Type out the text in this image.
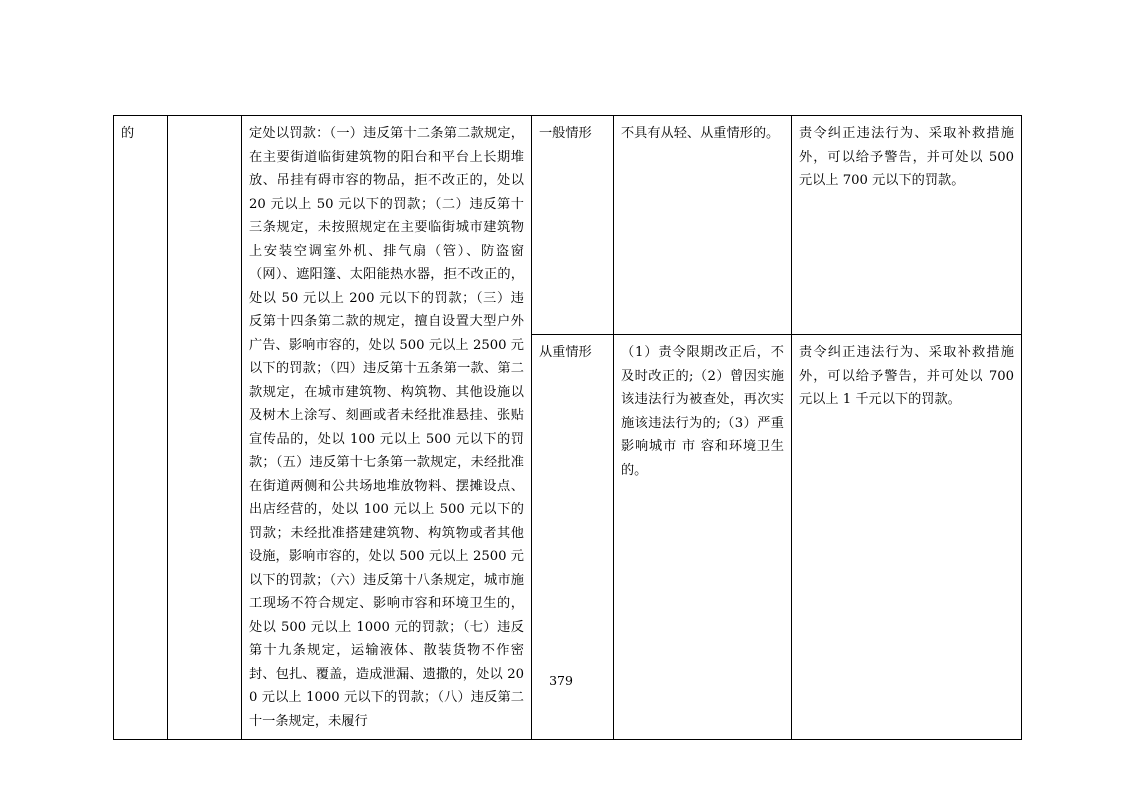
的		定处以罚款：（一）违反第十二条第二款规定，在主要街道临街建筑物的阳台和平台上长期堆放、吊挂有碍市容的物品，拒不改正的，处以 20 元以上 50 元以下的罚款；（二）违反第十三条规定，未按照规定在主要临街城市建筑物上安装空调室外机、排气扇（管）、防盗窗（网）、遮阳篷、太阳能热水器，拒不改正的，处以 50 元以上 200 元以下的罚款；（三）违反第十四条第二款的规定，擅自设置大型户外广告、影响市容的，处以 500 元以上 2500 元以下的罚款；（四）违反第十五条第一款、第二款规定，在城市建筑物、构筑物、其他设施以及树木上涂写、刻画或者未经批准悬挂、张贴宣传品的，处以 100 元以上 500 元以下的罚款；（五）违反第十七条第一款规定，未经批准在街道两侧和公共场地堆放物料、摆摊设点、出店经营的，处以 100 元以上 500 元以下的罚款；未经批准搭建建筑物、构筑物或者其他设施，影响市容的，处以 500 元以上 2500 元以下的罚款；（六）违反第十八条规定，城市施工现场不符合规定、影响市容和环境卫生的，处以 500 元以上 1000 元的罚款；（七）违反第十九条规定，运输液体、散装货物不作密封、包扎、覆盖，造成泄漏、遗撒的，处以 200 元以上 1000 元以下的罚款；（八）违反第二十一条规定，未履行	一般情形	不具有从轻、从重情形的。	责令纠正违法行为、采取补救措施外，可以给予警告，并可处以 500 元以上 700 元以下的罚款。

			从重情形	（1）责令限期改正后，不及时改正的;（2）曾因实施该违法行为被查处，再次实施该违法行为的;（3）严重影响城市 市 容和环境卫生的。	责令纠正违法行为、采取补救措施外，可以给予警告，并可处以 700 元以上 1 千元以下的罚款。
379
